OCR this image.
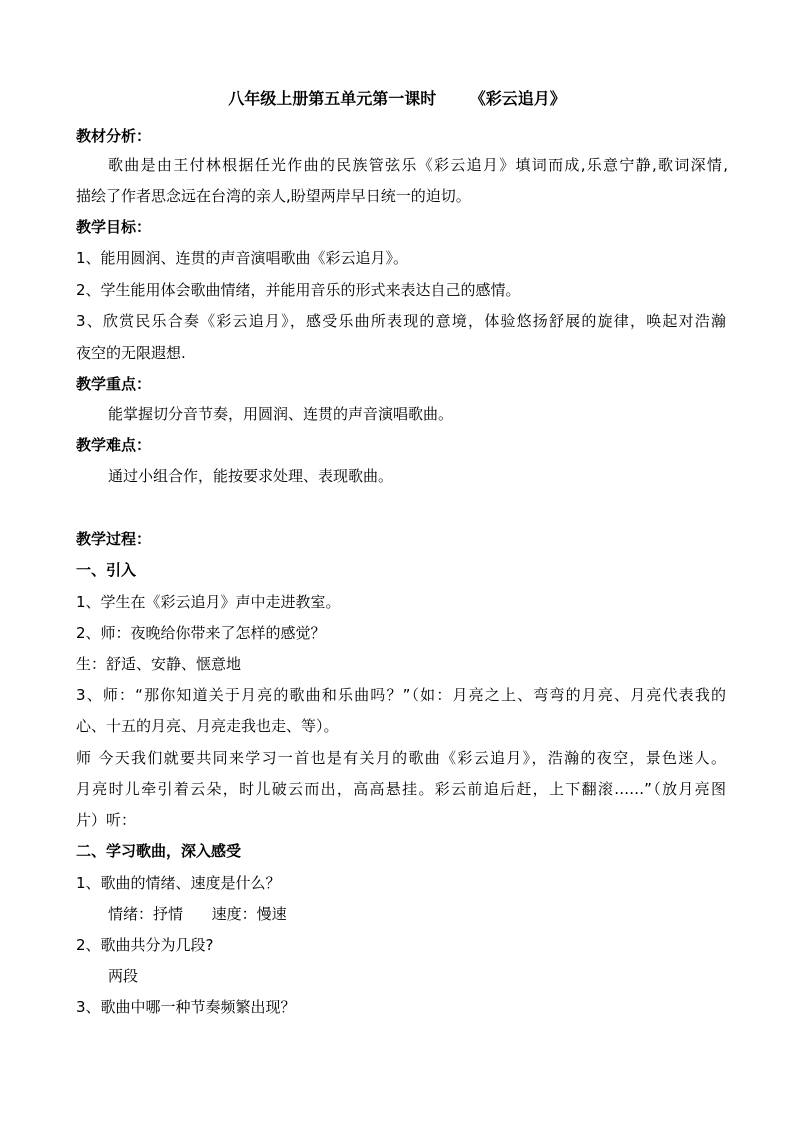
八年级上册第五单元第一课时      《彩云追月》
教材分析：
歌曲是由王付林根据任光作曲的民族管弦乐《彩云追月》填词而成,乐意宁静,歌词深情,
描绘了作者思念远在台湾的亲人,盼望两岸早日统一的迫切。
教学目标：
1、能用圆润、连贯的声音演唱歌曲《彩云追月》。
2、学生能用体会歌曲情绪，并能用音乐的形式来表达自己的感情。
3、欣赏民乐合奏《彩云追月》，感受乐曲所表现的意境，体验悠扬舒展的旋律，唤起对浩瀚
夜空的无限遐想.
教学重点：
能掌握切分音节奏，用圆润、连贯的声音演唱歌曲。
教学难点：
通过小组合作，能按要求处理、表现歌曲。
教学过程：
一、引入
1、学生在《彩云追月》声中走进教室。
2、师：夜晚给你带来了怎样的感觉？
生：舒适、安静、惬意地
3、师：“那你知道关于月亮的歌曲和乐曲吗？”（如：月亮之上、弯弯的月亮、月亮代表我的
心、十五的月亮、月亮走我也走、等）。
师 今天我们就要共同来学习一首也是有关月的歌曲《彩云追月》，浩瀚的夜空，景色迷人。
月亮时儿牵引着云朵，时儿破云而出，高高悬挂。彩云前追后赶，上下翻滚……”（放月亮图
片）听：
二、学习歌曲，深入感受
1、歌曲的情绪、速度是什么？
情绪：抒情      速度：慢速
2、歌曲共分为几段?
两段
3、歌曲中哪一种节奏频繁出现？
